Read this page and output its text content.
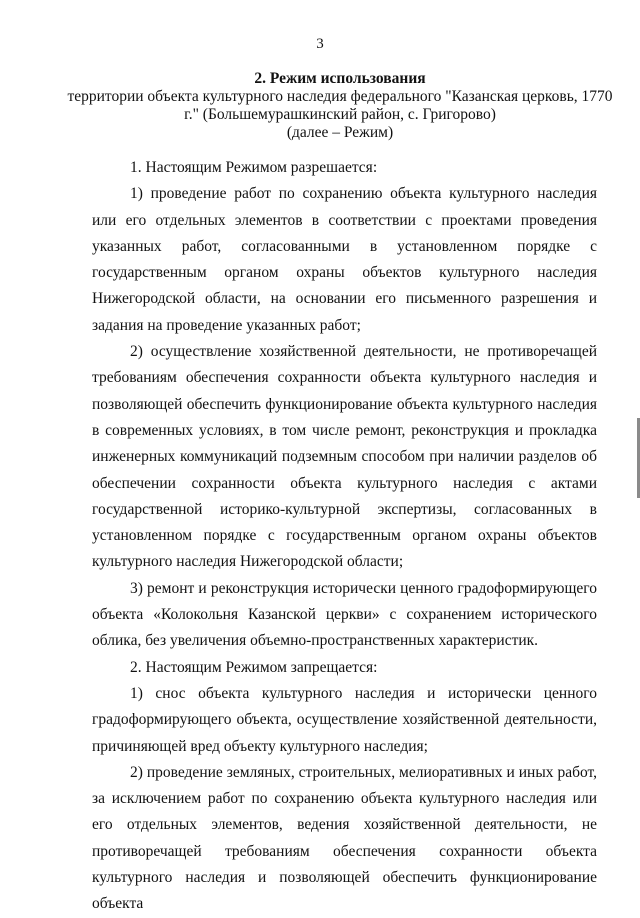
3
2. Режим использования
территории объекта культурного наследия федерального "Казанская церковь, 1770 г." (Большемурашкинский район, с. Григорово)
(далее – Режим)

1. Настоящим Режимом разрешается:

1) проведение работ по сохранению объекта культурного наследия или его отдельных элементов в соответствии с проектами проведения указанных работ, согласованными в установленном порядке с государственным органом охраны объектов культурного наследия Нижегородской области, на основании его письменного разрешения и задания на проведение указанных работ;

2) осуществление хозяйственной деятельности, не противоречащей требованиям обеспечения сохранности объекта культурного наследия и позволяющей обеспечить функционирование объекта культурного наследия в современных условиях, в том числе ремонт, реконструкция и прокладка инженерных коммуникаций подземным способом при наличии разделов об обеспечении сохранности объекта культурного наследия с актами государственной историко-культурной экспертизы, согласованных в установленном порядке с государственным органом охраны объектов культурного наследия Нижегородской области;

3) ремонт и реконструкция исторически ценного градоформирующего объекта «Колокольня Казанской церкви» с сохранением исторического облика, без увеличения объемно-пространственных характеристик.

2. Настоящим Режимом запрещается:

1) снос объекта культурного наследия и исторически ценного градоформирующего объекта, осуществление хозяйственной деятельности, причиняющей вред объекту культурного наследия;

2) проведение земляных, строительных, мелиоративных и иных работ, за исключением работ по сохранению объекта культурного наследия или его отдельных элементов, ведения хозяйственной деятельности, не противоречащей требованиям обеспечения сохранности объекта культурного наследия и позволяющей обеспечить функционирование объекта
